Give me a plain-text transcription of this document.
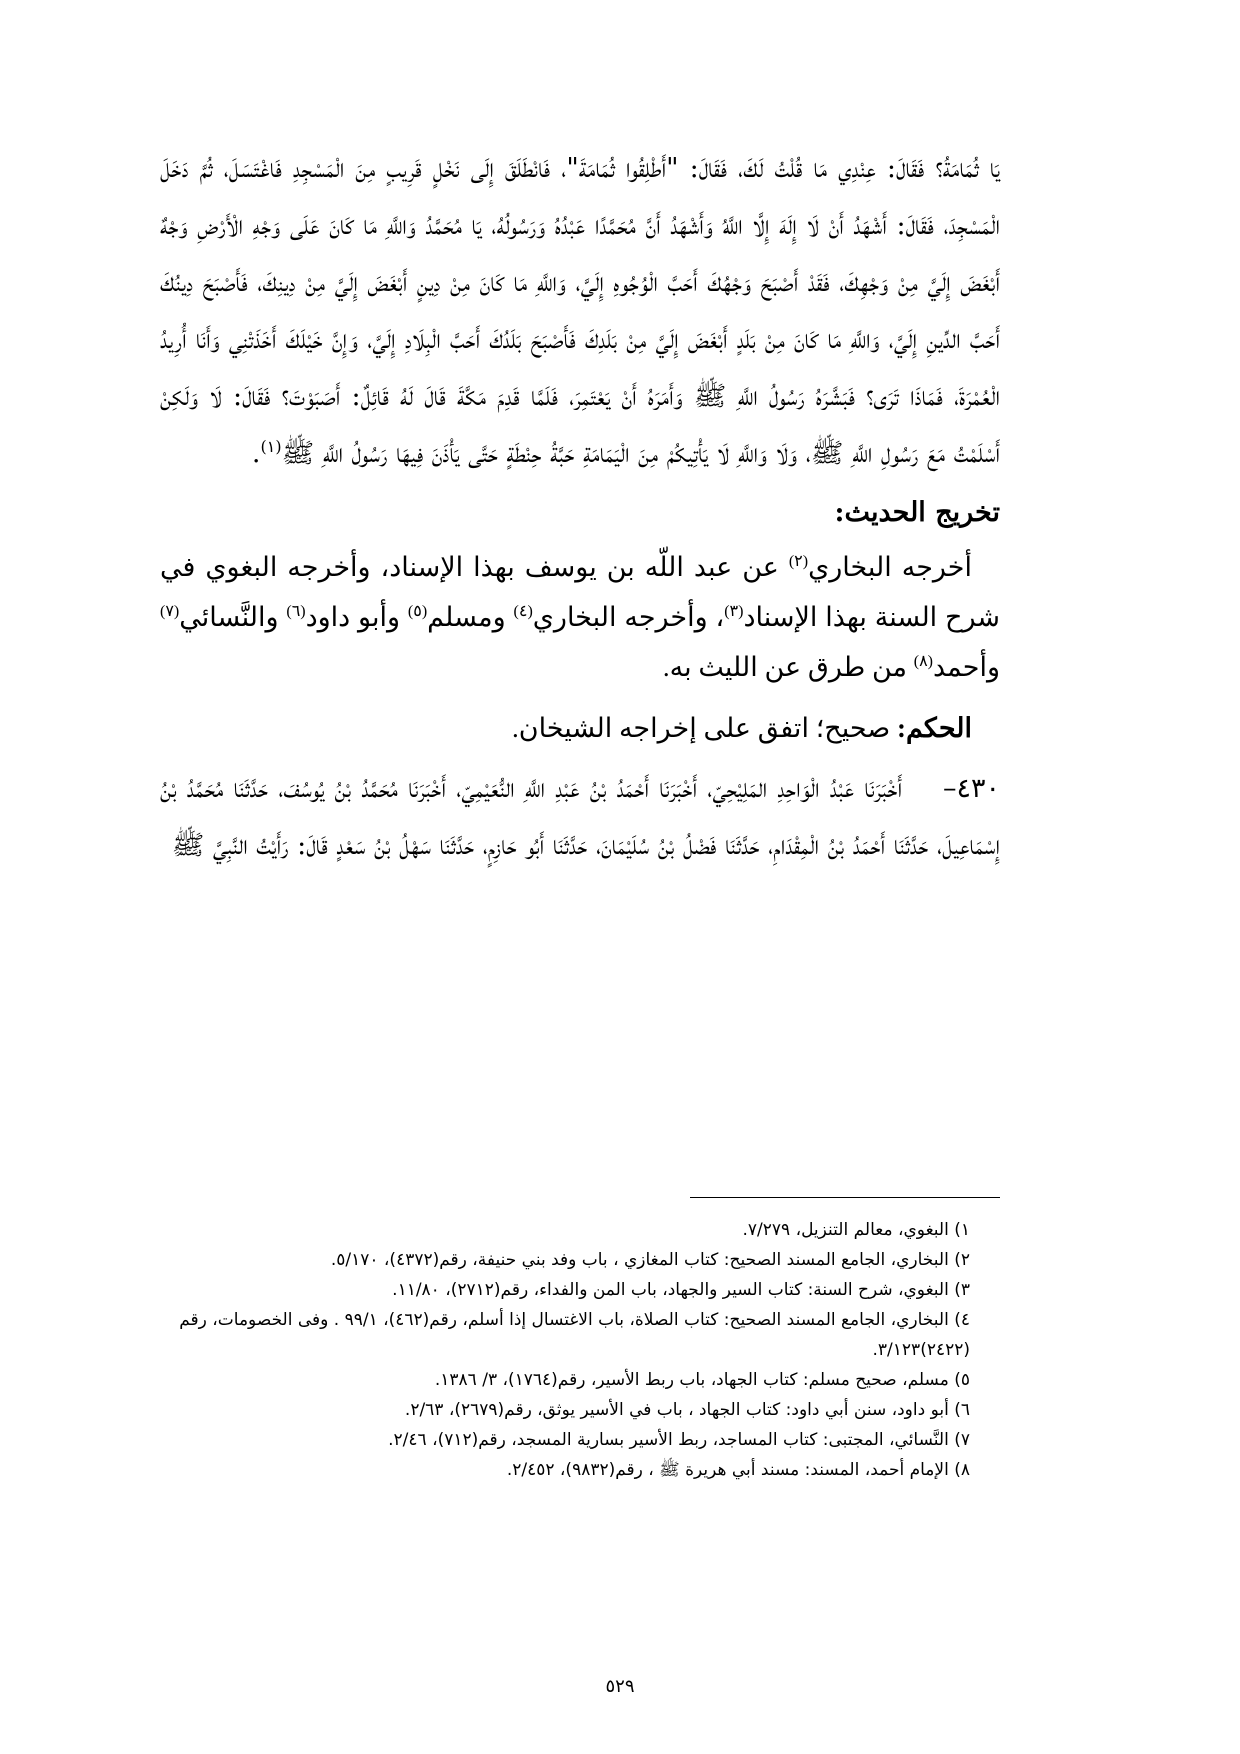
يَا ثُمَامَةُ؟ فَقَالَ: عِنْدِي مَا قُلْتُ لَكَ، فَقَالَ: "أَطْلِقُوا ثُمَامَةَ"، فَانْطَلَقَ إِلَى نَخْلٍ قَرِيبٍ مِنَ الْمَسْجِدِ فَاغْتَسَلَ، ثُمَّ دَخَلَ الْمَسْجِدَ، فَقَالَ: أَشْهَدُ أَنْ لَا إِلَهَ إِلَّا اللَّهُ وَأَشْهَدُ أَنَّ مُحَمَّدًا عَبْدُهُ وَرَسُولُهُ، يَا مُحَمَّدُ وَاللَّهِ مَا كَانَ عَلَى وَجْهِ الْأَرْضِ وَجْهٌ أَبْغَضَ إِلَيَّ مِنْ وَجْهِكَ، فَقَدْ أَصْبَحَ وَجْهُكَ أَحَبَّ الْوُجُوهِ إِلَيَّ، وَاللَّهِ مَا كَانَ مِنْ دِينٍ أَبْغَضَ إِلَيَّ مِنْ دِينِكَ، فَأَصْبَحَ دِينُكَ أَحَبَّ الدِّينِ إِلَيَّ، وَاللَّهِ مَا كَانَ مِنْ بَلَدٍ أَبْغَضَ إِلَيَّ مِنْ بَلَدِكَ فَأَصْبَحَ بَلَدُكَ أَحَبَّ الْبِلَادِ إِلَيَّ، وَإِنَّ خَيْلَكَ أَخَذَتْنِي وَأَنَا أُرِيدُ الْعُمْرَةَ، فَمَاذَا تَرَى؟ فَبَشَّرَهُ رَسُولُ اللَّهِ ﷺ وَأَمَرَهُ أَنْ يَعْتَمِرَ، فَلَمَّا قَدِمَ مَكَّةَ قَالَ لَهُ قَائِلٌ: أَصَبَوْتَ؟ فَقَالَ: لَا وَلَكِنْ أَسْلَمْتُ مَعَ رَسُولِ اللَّهِ ﷺ، وَلَا وَاللَّهِ لَا يَأْتِيكُمْ مِنَ الْيَمَامَةِ حَبَّةُ حِنْطَةٍ حَتَّى يَأْذَنَ فِيهَا رَسُولُ اللَّهِ ﷺ$^{(١)}$.

تخريج الحديث:

أخرجه البخاري$^{(٢)}$ عن عبد اللّه بن يوسف بهذا الإسناد، وأخرجه البغوي في شرح السنة بهذا الإسناد$^{(٣)}$، وأخرجه البخاري$^{(٤)}$ ومسلم$^{(٥)}$ وأبو داود$^{(٦)}$ والنَّسائي$^{(٧)}$ وأحمد$^{(٨)}$ من طرق عن الليث به.

الحكم: صحيح؛ اتفق على إخراجه الشيخان.

٤٣٠–    أَخْبَرَنَا عَبْدُ الْوَاحِدِ المَلِيْحِيّ، أَخْبَرَنَا أَحْمَدُ بْنُ عَبْدِ اللَّهِ النُّعَيْمِيّ، أَخْبَرَنَا مُحَمَّدُ بْنُ يُوسُفَ، حَدَّثَنَا مُحَمَّدُ بْنُ إِسْمَاعِيلَ، حَدَّثَنَا أَحْمَدُ بْنُ الْمِقْدَامِ، حَدَّثَنَا فَضْلُ بْنُ سُلَيْمَانَ، حَدَّثَنَا أَبُو حَازِمٍ، حَدَّثَنَا سَهْلُ بْنُ سَعْدٍ قَالَ: رَأَيْتُ النَّبِيَّ ﷺ

١) البغوي، معالم التنزيل، ٧/٢٧٩.

٢) البخاري، الجامع المسند الصحيح: كتاب المغازي ، باب وفد بني حنيفة، رقم(٤٣٧٢)، ٥/١٧٠.

٣) البغوي، شرح السنة: كتاب السير والجهاد، باب المن والفداء، رقم(٢٧١٢)، ١١/٨٠.

٤) البخاري، الجامع المسند الصحيح: كتاب الصلاة، باب الاغتسال إذا أسلم، رقم(٤٦٢)، ٩٩/١ . وفى الخصومات، رقم (٢٤٢٢)٣/١٢٣.

٥) مسلم، صحيح مسلم: كتاب الجهاد، باب ربط الأسير، رقم(١٧٦٤)، ٣/ ١٣٨٦.

٦) أبو داود، سنن أبي داود: كتاب الجهاد ، باب في الأسير يوثق، رقم(٢٦٧٩)، ٢/٦٣.

٧) النَّسائي، المجتبى: كتاب المساجد، ربط الأسير بسارية المسجد، رقم(٧١٢)، ٢/٤٦.

٨) الإمام أحمد، المسند: مسند أبي هريرة ﷺ ، رقم(٩٨٣٢)، ٢/٤٥٢.

٥٢٩
